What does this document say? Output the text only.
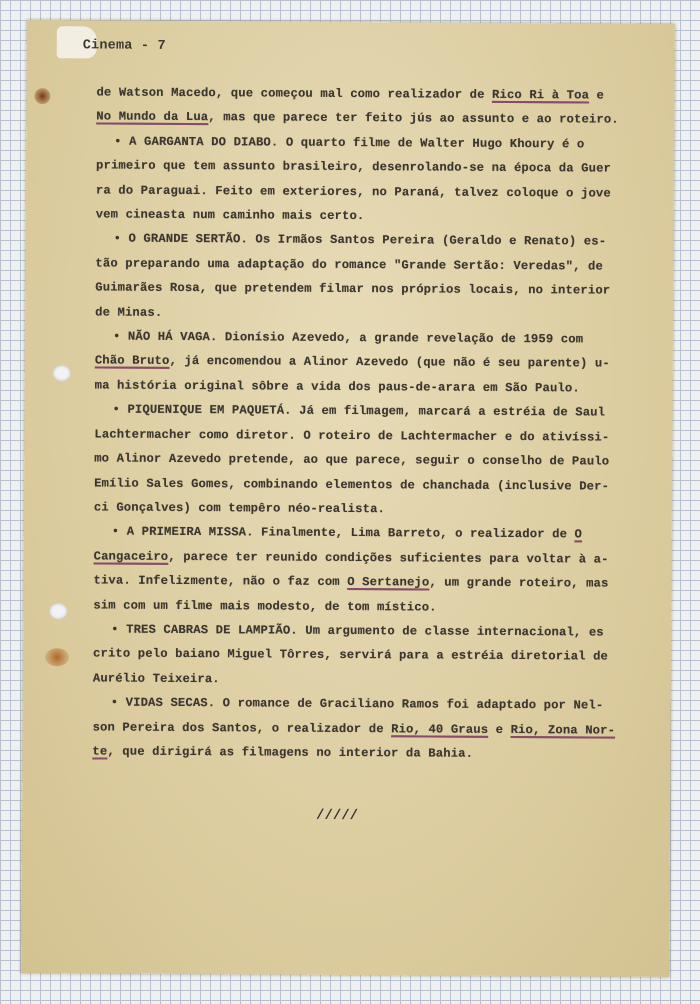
Cinema - 7

de Watson Macedo, que começou mal como realizador de Rico Ri à Toa e

No Mundo da Lua, mas que parece ter feito jús ao assunto e ao roteiro.

• A GARGANTA DO DIABO. O quarto filme de Walter Hugo Khoury é o

primeiro que tem assunto brasileiro, desenrolando-se na época da Guer

ra do Paraguai. Feito em exteriores, no Paraná, talvez coloque o jove

vem cineasta num caminho mais certo.

• O GRANDE SERTÃO. Os Irmãos Santos Pereira (Geraldo e Renato) es-

tão preparando uma adaptação do romance "Grande Sertão: Veredas", de

Guimarães Rosa, que pretendem filmar nos próprios locais, no interior

de Minas.

• NÃO HÁ VAGA. Dionísio Azevedo, a grande revelação de 1959 com

Chão Bruto, já encomendou a Alinor Azevedo (que não é seu parente) u-

ma história original sôbre a vida dos paus-de-arara em São Paulo.

• PIQUENIQUE EM PAQUETÁ. Já em filmagem, marcará a estréia de Saul

Lachtermacher como diretor. O roteiro de Lachtermacher e do ativíssi-

mo Alinor Azevedo pretende, ao que parece, seguir o conselho de Paulo

Emílio Sales Gomes, combinando elementos de chanchada (inclusive Der-

ci Gonçalves) com tempêro néo-realista.

• A PRIMEIRA MISSA. Finalmente, Lima Barreto, o realizador de O

Cangaceiro, parece ter reunido condições suficientes para voltar à a-

tiva. Infelizmente, não o faz com O Sertanejo, um grande roteiro, mas

sim com um filme mais modesto, de tom místico.

• TRES CABRAS DE LAMPIÃO. Um argumento de classe internacional, es

crito pelo baiano Miguel Tôrres, servirá para a estréia diretorial de

Aurélio Teixeira.

• VIDAS SECAS. O romance de Graciliano Ramos foi adaptado por Nel-

son Pereira dos Santos, o realizador de Rio, 40 Graus e Rio, Zona Nor-

te, que dirigirá as filmagens no interior da Bahia.

/////
